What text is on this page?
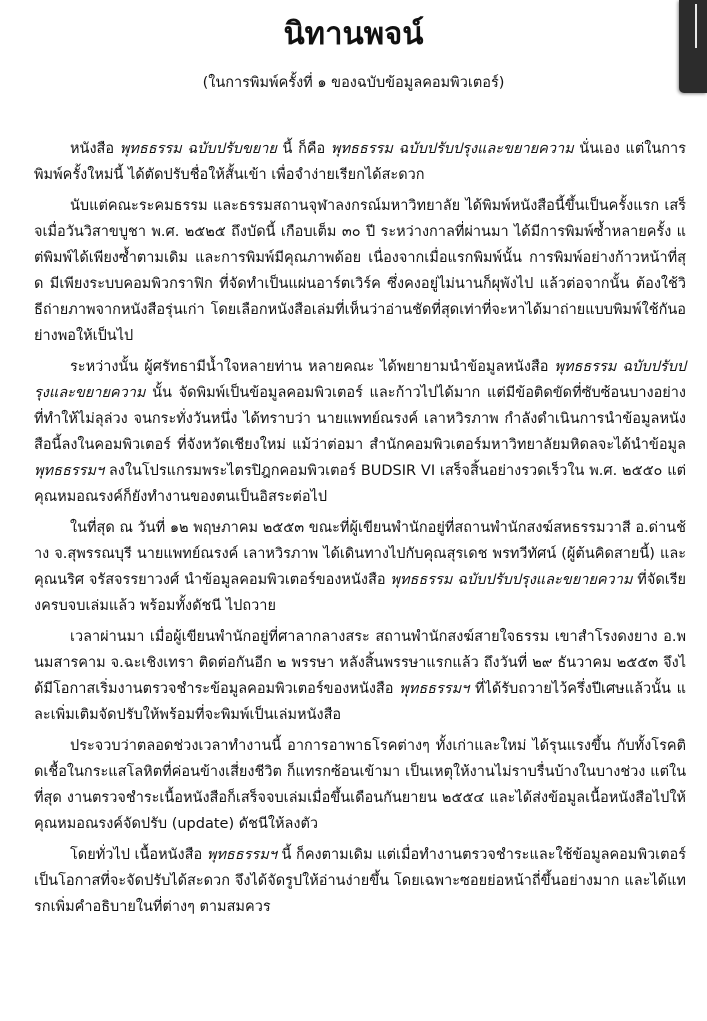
นิทานพจน์

(ในการพิมพ์ครั้งที่ ๑ ของฉบับข้อมูลคอมพิวเตอร์)

หนังสือ พุทธธรรม ฉบับปรับขยาย นี้ ก็คือ พุทธธรรม ฉบับปรับปรุงและขยายความ นั่นเอง แต่ในการพิมพ์ครั้งใหม่นี้ ได้ตัดปรับชื่อให้สั้นเข้า เพื่อจำง่ายเรียกได้สะดวก

นับแต่คณะระคมธรรม และธรรมสถานจุฬาลงกรณ์มหาวิทยาลัย ได้พิมพ์หนังสือนี้ขึ้นเป็นครั้งแรก เสร็จเมื่อวันวิสาขบูชา พ.ศ. ๒๕๒๕ ถึงบัดนี้ เกือบเต็ม ๓๐ ปี ระหว่างกาลที่ผ่านมา ได้มีการพิมพ์ซ้ำหลายครั้ง แต่พิมพ์ได้เพียงซ้ำตามเดิม และการพิมพ์มีคุณภาพด้อย เนื่องจากเมื่อแรกพิมพ์นั้น การพิมพ์อย่างก้าวหน้าที่สุด มีเพียงระบบคอมพิวกราฟิก ที่จัดทำเป็นแผ่นอาร์ตเวิร์ค ซึ่งคงอยู่ไม่นานก็ผุพังไป แล้วต่อจากนั้น ต้องใช้วิธีถ่ายภาพจากหนังสือรุ่นเก่า โดยเลือกหนังสือเล่มที่เห็นว่าอ่านชัดที่สุดเท่าที่จะหาได้มาถ่ายแบบพิมพ์ใช้กันอย่างพอให้เป็นไป

ระหว่างนั้น ผู้ศรัทธามีน้ำใจหลายท่าน หลายคณะ ได้พยายามนำข้อมูลหนังสือ พุทธธรรม ฉบับปรับปรุงและขยายความ นั้น จัดพิมพ์เป็นข้อมูลคอมพิวเตอร์ และก้าวไปได้มาก แต่มีข้อติดขัดที่ซับซ้อนบางอย่าง ที่ทำให้ไม่ลุล่วง จนกระทั่งวันหนึ่ง ได้ทราบว่า นายแพทย์ณรงค์ เลาหวิรภาพ กำลังดำเนินการนำข้อมูลหนังสือนี้ลงในคอมพิวเตอร์ ที่จังหวัดเชียงใหม่ แม้ว่าต่อมา สำนักคอมพิวเตอร์มหาวิทยาลัยมหิดลจะได้นำข้อมูล พุทธธรรมฯ ลงในโปรแกรมพระไตรปิฎกคอมพิวเตอร์ BUDSIR VI เสร็จสิ้นอย่างรวดเร็วใน พ.ศ. ๒๕๕๐ แต่คุณหมอณรงค์ก็ยังทำงานของตนเป็นอิสระต่อไป

ในที่สุด ณ วันที่ ๑๒ พฤษภาคม ๒๕๕๓ ขณะที่ผู้เขียนพำนักอยู่ที่สถานพำนักสงฆ์สหธรรมวาสี อ.ด่านช้าง จ.สุพรรณบุรี นายแพทย์ณรงค์ เลาหวิรภาพ ได้เดินทางไปกับคุณสุรเดช พรทวีทัศน์ (ผู้ต้นคิดสายนี้) และคุณนริศ จรัสจรรยาวงศ์ นำข้อมูลคอมพิวเตอร์ของหนังสือ พุทธธรรม ฉบับปรับปรุงและขยายความ ที่จัดเรียงครบจบเล่มแล้ว พร้อมทั้งดัชนี ไปถวาย

เวลาผ่านมา เมื่อผู้เขียนพำนักอยู่ที่ศาลากลางสระ สถานพำนักสงฆ์สายใจธรรม เขาสำโรงดงยาง อ.พนมสารคาม จ.ฉะเชิงเทรา ติดต่อกันอีก ๒ พรรษา หลังสิ้นพรรษาแรกแล้ว ถึงวันที่ ๒๙ ธันวาคม ๒๕๕๓ จึงได้มีโอกาสเริ่มงานตรวจชำระข้อมูลคอมพิวเตอร์ของหนังสือ พุทธธรรมฯ ที่ได้รับถวายไว้ครึ่งปีเศษแล้วนั้น และเพิ่มเติมจัดปรับให้พร้อมที่จะพิมพ์เป็นเล่มหนังสือ

ประจวบว่าตลอดช่วงเวลาทำงานนี้ อาการอาพาธโรคต่างๆ ทั้งเก่าและใหม่ ได้รุนแรงขึ้น กับทั้งโรคติดเชื้อในกระแสโลหิตที่ค่อนข้างเสี่ยงชีวิต ก็แทรกซ้อนเข้ามา เป็นเหตุให้งานไม่ราบรื่นบ้างในบางช่วง แต่ในที่สุด งานตรวจชำระเนื้อหนังสือก็เสร็จจบเล่มเมื่อขึ้นเดือนกันยายน ๒๕๕๔ และได้ส่งข้อมูลเนื้อหนังสือไปให้คุณหมอณรงค์จัดปรับ (update) ดัชนีให้ลงตัว

โดยทั่วไป เนื้อหนังสือ พุทธธรรมฯ นี้ ก็คงตามเดิม แต่เมื่อทำงานตรวจชำระและใช้ข้อมูลคอมพิวเตอร์ เป็นโอกาสที่จะจัดปรับได้สะดวก จึงได้จัดรูปให้อ่านง่ายขึ้น โดยเฉพาะซอยย่อหน้าถี่ขึ้นอย่างมาก และได้แทรกเพิ่มคำอธิบายในที่ต่างๆ ตามสมควร
